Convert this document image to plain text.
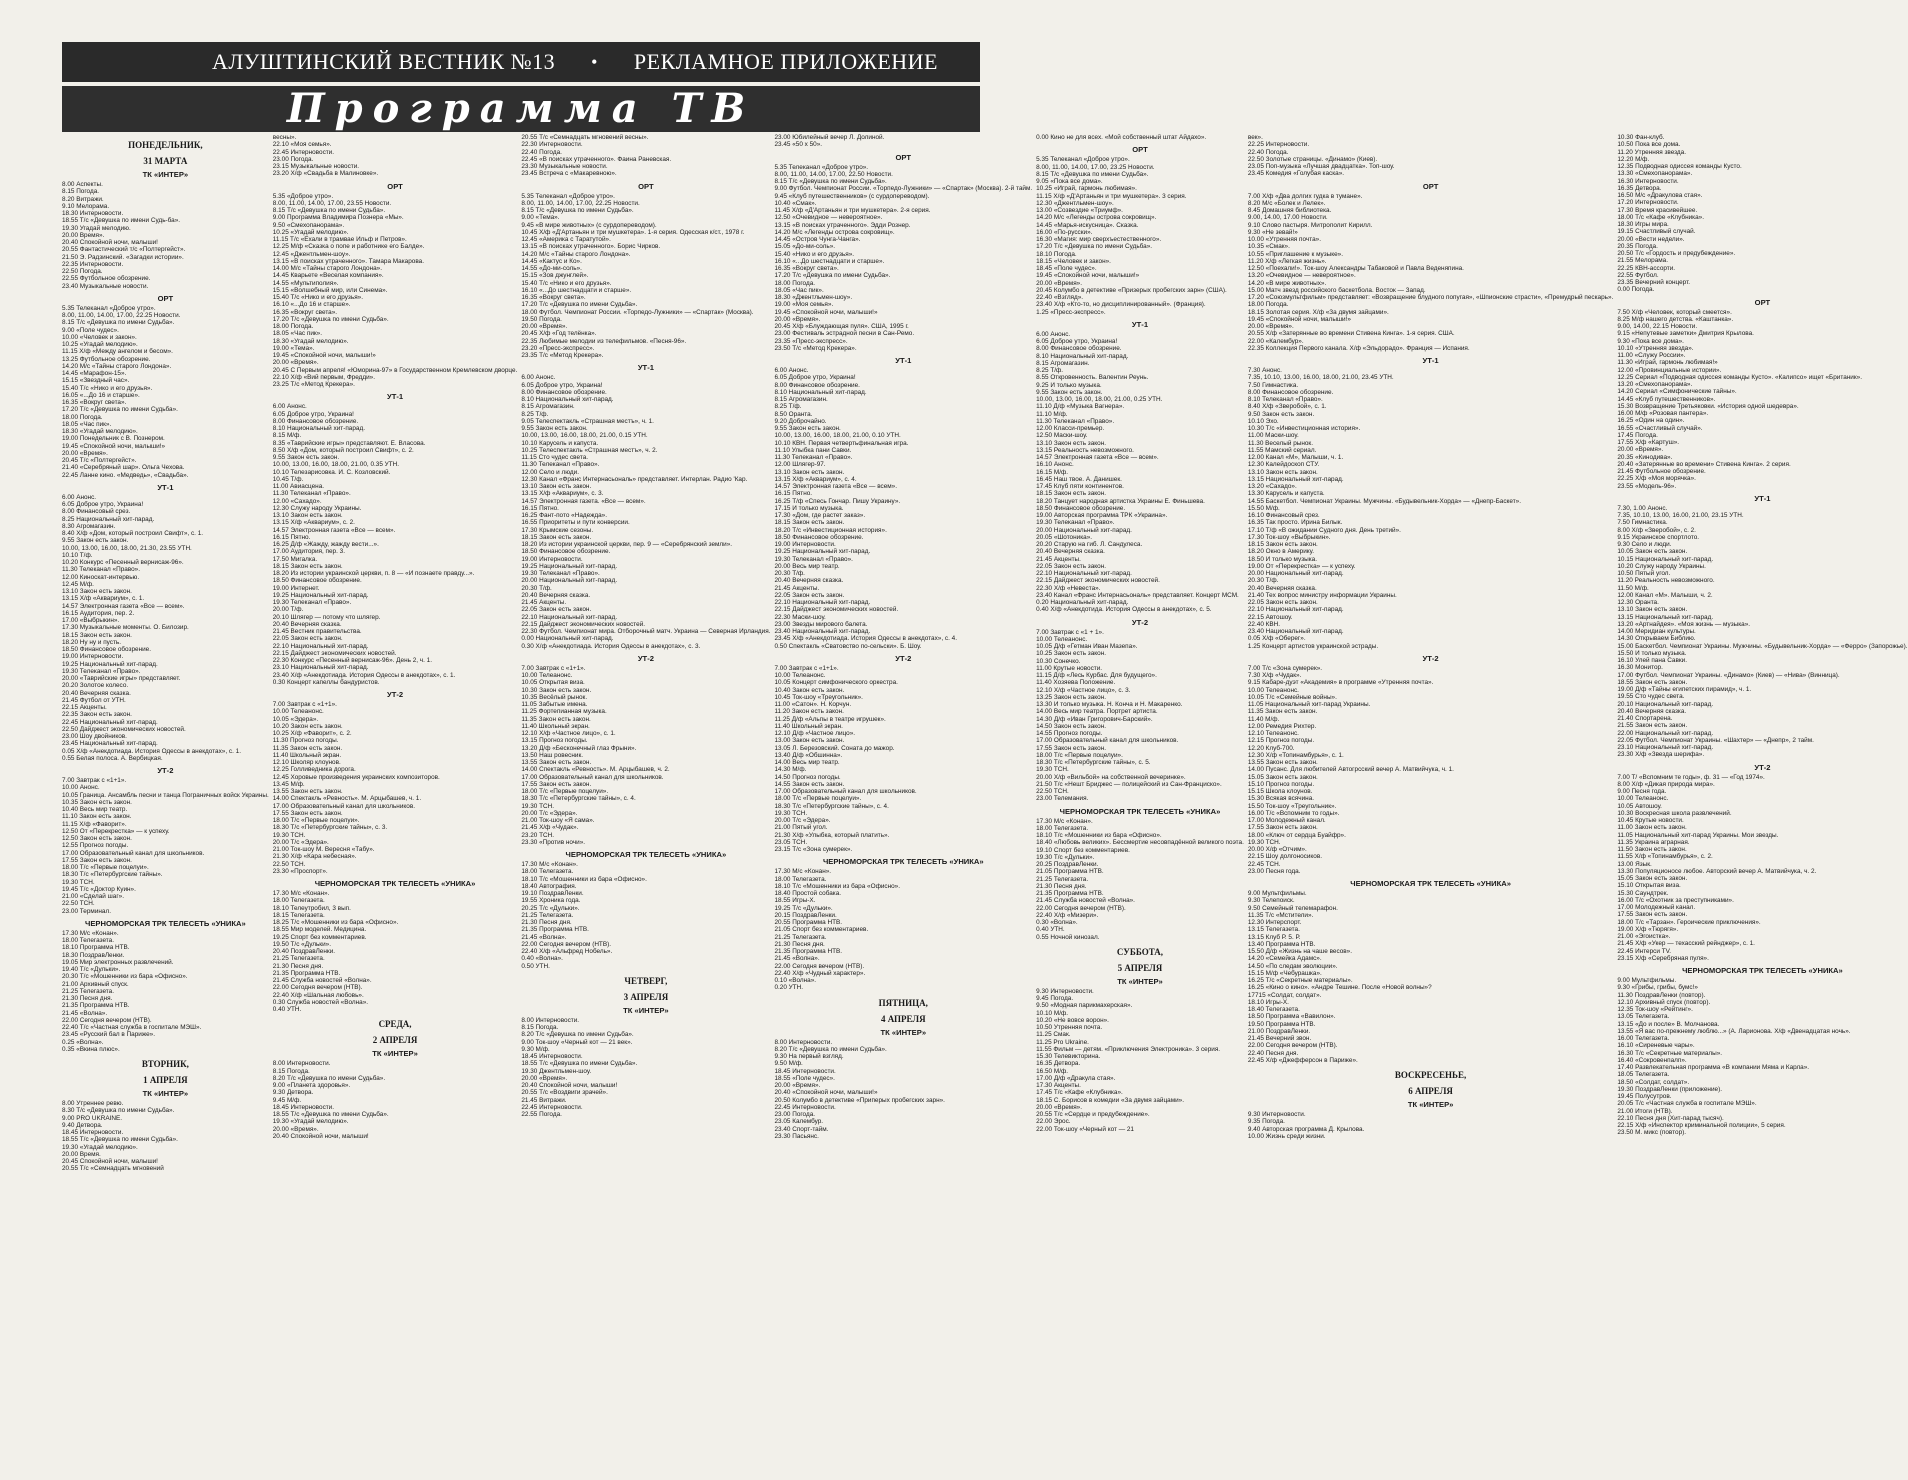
АЛУШТИНСКИЙ ВЕСТНИК №13 • РЕКЛАМНОЕ ПРИЛОЖЕНИЕ
Программа ТВ
ПОНЕДЕЛЬНИК,
31 МАРТА
ТК «ИНТЕР»
8.00 Аспекты.
8.15 Погода.
8.20 Витражи.
9.10 Мелорама.
18.30 Интерновости.
18.55 Т/с «Девушка по имени Судь-ба».
19.30 Угадай мелодию.
20.00 Время».
20.40 Спокойной ночи, малыши!
20.55 Фантастический т/с «Полтергейст».
21.50 Э. Радзинский. «Загадки истории».
22.35 Интерновости.
22.50 Погода.
22.55 Футбольное обозрение.
23.40 Музыкальные новости.
ОРТ
5.35 Телеканал «Доброе утро».
8.00, 11.00, 14.00, 17.00, 22.25 Новости.
8.15 Т/с «Девушка по имени Судьба».
9.00 «Поле чудес».
10.00 «Человек и закон».
10.25 «Угадай мелодию».
11.15 Х/ф «Между ангелом и бесом».
13.25 Футбольное обозрение.
14.20 М/с «Тайны старого Лондона».
14.45 «Марафон-15».
15.15 «Звездный час».
15.40 Т/с «Нико и его друзья».
16.05 «...До 16 и старше».
16.35 «Вокруг света».
17.20 Т/с «Девушка по имени Судьба».
18.00 Погода.
18.05 «Час пик».
18.30 «Угадай мелодию».
19.00 Понедельник с В. Познером.
19.45 «Спокойной ночи, малыши!»
20.00 «Время».
20.45 Т/с «Полтергейст».
21.40 «Серебряный шар». Ольга Чехова.
22.45 Ланне кино. «Медведь», «Свадьба».
УТ-1
6.00 Анонс.
6.05 Доброе утро, Украина!
8.00 Финансовый срез.
8.25 Национальный хит-парад.
8.30 Агромагазин.
8.40 Х/ф «Дом, который построил Свифт», с. 1.
9.55 Закон есть закон.
10.00, 13.00, 16.00, 18.00, 21.30, 23.55 УТН.
10.10 Т/ф.
10.20 Конкурс «Песенный вернисаж-96».
11.30 Телеканал «Право».
12.00 Киноскат-интервью.
12.45 М/ф.
13.10 Закон есть закон.
13.15 Х/ф «Аквариум», с. 1.
14.57 Электронная газета «Все — всем».
16.15 Аудитория, пер. 2.
17.00 «Выбрыкин».
17.30 Музыкальные моменты. О. Билозир.
18.15 Закон есть закон.
18.20 Ну ну и пусть.
18.50 Финансовое обозрение.
19.00 Интерновости.
19.25 Национальный хит-парад.
19.30 Телеканал «Право».
20.00 «Таврийские игры» представляет.
20.20 Золотое колесо.
20.40 Вечерняя сказка.
21.45 Футбол от УТН.
22.15 Акценты.
22.35 Закон есть закон.
22.45 Национальный хит-парад.
22.50 Дайджест экономических новостей.
23.00 Шоу двойников.
23.45 Национальный хит-парад.
0.05 Х/ф «Анекдотиада. История Одессы в анекдотах», с. 1.
0.55 Белая полоса. А. Вербицкая.
УТ-2
7.00 Завтрак с «1+1».
10.00 Анонс.
10.05 Граница. Ансамбль песни и танца Пограничных войск Украины.
10.35 Закон есть закон.
10.40 Весь мир театр.
11.10 Закон есть закон.
11.15 Х/ф «Фаворит».
12.50 От «Перекрестка» — к успеху.
12.50 Закон есть закон.
12.55 Прогноз погоды.
17.00 Образовательный канал для школьников.
17.55 Закон есть закон.
18.00 Т/с «Первые поцелуи».
18.30 Т/с «Петербургские тайны».
19.30 ТСН.
19.45 Т/с «Доктор Куин».
21.00 «Сделай шаг».
22.50 ТСН.
23.00 Терминал.
ЧЕРНОМОРСКАЯ ТРК ТЕЛЕСЕТЬ «УНИКА»
17.30 М/с «Конан».
18.00 Телегазета.
18.10 Программа НТВ.
18.30 ПоздравЛенки.
19.05 Мир электронных развлечений.
19.40 Т/с «Дульки».
20.30 Т/с «Мошенники из бара «Офисно».
21.00 Архивный спуск.
21.25 Телегазета.
21.30 Песня дня.
21.35 Программа НТВ.
21.45 «Волна».
22.00 Сегодня вечером (НТВ).
22.40 Т/с «Частная служба в госпитале МЭШ».
23.45 «Русский бал в Париже».
0.25 «Волна».
0.35 «Вкина плюс».
ВТОРНИК,
1 АПРЕЛЯ
ТК «ИНТЕР»
8.00 Утреннее ревю.
8.30 Т/с «Девушка по имени Судьба».
9.00 PRO UKRAINE.
9.40 Детвора.
18.45 Интерновости.
18.55 Т/с «Девушка по имени Судьба».
19.30 «Угадай мелодию».
20.00 Время.
20.45 Спокойной ночи, малыши!
20.55 Т/с «Семнадцать мгновений
весны».
22.10 «Моя семья».
22.45 Интерновости.
23.00 Погода.
23.15 Музыкальные новости.
23.20 Х/ф «Свадьба в Малиновке».
ОРТ
5.35 «Доброе утро».
8.00, 11.00, 14.00, 17.00, 23.55 Новости.
8.15 Т/с «Девушка по имени Судьба».
9.00 Программа Владимира Познера «Мы».
9.50 «Смехопанорама».
10.25 «Угадай мелодию».
11.15 Т/с «Ехали в трамвае Ильф и Петров».
12.25 М/ф «Сказка о попе и работнике его Балде».
12.45 «Джентльмен-шоу».
13.15 «В поисках утраченного». Тамара Макарова.
14.00 М/с «Тайны старого Лондона».
14.45 Кварьете «Веселая компания».
14.55 «Мультиполия».
15.15 «Волшебный мир, или Синема».
15.40 Т/с «Нико и его друзья».
16.10 «...До 16 и старше».
16.35 «Вокруг света».
17.20 Т/с «Девушка по имени Судьба».
18.00 Погода.
18.05 «Час пик».
18.30 «Угадай мелодию».
19.00 «Тема».
19.45 «Спокойной ночи, малыши!»
20.00 «Время».
20.45 С Первым апреля! «Юморина-97» в Государственном Кремлевском дворце.
22.10 Х/ф «Вий первым, Фредди».
23.25 Т/с «Метод Крекера».
УТ-1
6.00 Анонс.
6.05 Доброе утро, Украина!
8.00 Финансовое обозрение.
8.10 Национальный хит-парад.
8.15 М/ф.
8.35 «Таврийские игры» представляют. Е. Власова.
8.50 Х/ф «Дом, который построил Свифт», с. 2.
9.55 Закон есть закон.
10.00, 13.00, 16.00, 18.00, 21.00, 0.35 УТН.
10.10 Телезарисовка. И. С. Козловский.
10.45 Т/ф.
11.00 Авиасцена.
11.30 Телеканал «Право».
12.00 «Сахадо».
12.30 Служу народу Украины.
13.10 Закон есть закон.
13.15 Х/ф «Аквариум», с. 2.
14.57 Электронная газета «Все — всем».
16.15 Пятно.
16.25 Д/ф «Жажду, жажду вести...».
17.00 Аудитория, пер. 3.
17.50 Мигалка.
18.15 Закон есть закон.
18.20 Из истории украинской церкви, п. 8 — «И познаете правду...».
18.50 Финансовое обозрение.
19.00 Интернет.
19.25 Национальный хит-парад.
19.30 Телеканал «Право».
20.00 Т/ф.
20.10 Шлягер — потому что шлягер.
20.40 Вечерняя сказка.
21.45 Вестник правительства.
22.05 Закон есть закон.
22.10 Национальный хит-парад.
22.15 Дайджест экономических новостей.
22.30 Конкурс «Песенный вернисаж-96». День 2, ч. 1.
23.10 Национальный хит-парад.
23.40 Х/ф «Анекдотиада. История Одессы в анекдотах», с. 1.
0.30 Концерт капеллы бандуристов.
УТ-2
7.00 Завтрак с «1+1».
10.00 Телеанонс.
10.05 «Эдера».
10.20 Закон есть закон.
10.25 Х/ф «Фаворит», с. 2.
11.30 Прогноз погоды.
11.35 Закон есть закон.
11.40 Школьный экран.
12.10 Школяр клоунов.
12.25 Голливедника дорога.
12.45 Хоровые произведения украинских композиторов.
13.45 М/ф.
13.55 Закон есть закон.
14.00 Спектакль «Ревность». М. Арцыбашев, ч. 1.
17.00 Образовательный канал для школьников.
17.55 Закон есть закон.
18.00 Т/с «Первые поцелуи».
18.30 Т/с «Петербургские тайны», с. 3.
19.30 ТСН.
20.00 Т/с «Эдера».
21.00 Ток-шоу М. Вересня «Табу».
21.30 Х/ф «Кара небесная».
22.50 ТСН.
23.30 «Проспорт».
ЧЕРНОМОРСКАЯ ТРК ТЕЛЕСЕТЬ «УНИКА»
17.30 М/с «Конан».
18.00 Телегазета.
18.10 Телеутробил, 3 вып.
18.15 Телегазета.
18.25 Т/с «Мошенники из бара «Офисно».
18.55 Мир моделей. Медицина.
19.25 Спорт без комментариев.
19.50 Т/с «Дульки».
20.40 ПоздравЛенки.
21.25 Телегазета.
21.30 Песня дня.
21.35 Программа НТВ.
21.45 Служба новостей «Волна».
22.00 Сегодня вечером (НТВ).
22.40 Х/ф «Шальная любовь».
0.30 Служба новостей «Волна».
0.40 УТН.
СРЕДА,
2 АПРЕЛЯ
ТК «ИНТЕР»
8.00 Интерновости.
8.15 Погода.
8.20 Т/с «Девушка по имени Судьба».
9.00 «Планета здоровья».
9.30 Детвора.
9.45 М/ф.
18.45 Интерновости.
18.55 Т/с «Девушка по имени Судьба».
19.30 «Угадай мелодию».
20.00 «Время».
20.40 Спокойной ночи, малыши!
20.55 Т/с «Семнадцать мгновений весны».
22.30 Интерновости.
22.40 Погода.
22.45 «В поисках утраченного». Фаина Раневская.
23.30 Музыкальные новости.
23.45 Встреча с «Макаревною».
ОРТ
5.35 Телеканал «Доброе утро».
8.00, 11.00, 14.00, 17.00, 22.25 Новости.
8.15 Т/с «Девушка по имени Судьба».
9.00 «Тема».
9.45 «В мире животных» (с сурдопереводом).
10.45 Х/ф «Д'Артаньян и три мушкетера». 1-я серия. Одесская к/ст., 1978 г.
12.45 «Америка с Таратутой».
13.15 «В поисках утраченного». Борис Чирков.
14.20 М/с «Тайны старого Лондона».
14.45 «Кактус и Ко».
14.55 «До-ми-соль».
15.15 «Зов джунглей».
15.40 Т/с «Нико и его друзья».
16.10 «...До шестнадцати и старше».
16.35 «Вокруг света».
17.20 Т/с «Девушка по имени Судьба».
18.00 Футбол. Чемпионат России. «Торпедо-Лужники» — «Спартак» (Москва).
19.50 Погода.
20.00 «Время».
20.45 Х/ф «Год телёнка».
22.35 Любимые мелодии из телефильмов. «Песня-96».
23.20 «Пресс-экспресс».
23.35 Т/с «Метод Крекера».
УТ-1
6.00 Анонс.
6.05 Доброе утро, Украина!
8.00 Финансовое обозрение.
8.10 Национальный хит-парад.
8.15 Агромагазин.
8.25 Т/ф.
9.05 Телеспектакль «Страшная местъ», ч. 1.
9.55 Закон есть закон.
10.00, 13.00, 16.00, 18.00, 21.00, 0.15 УТН.
10.10 Карусель и капуста.
10.25 Телеспектакль «Страшная местъ», ч. 2.
11.15 Сто чудес света.
11.30 Телеканал «Право».
12.00 Село и люди.
12.30 Канал «Франс Интернасьональ» представляет. Интерлан. Радио 'Кар.
13.10 Закон есть закон.
13.15 Х/ф «Аквариум», с. 3.
14.57 Электронная газета. «Все — всем».
16.15 Пятно.
16.25 Фант-пото «Надежда».
16.55 Приоритеты и пути конверсии.
17.30 Крымские сезоны.
18.15 Закон есть закон.
18.20 Из истории украинской церкви, пер. 9 — «Серебрянский земли».
18.50 Финансовое обозрение.
19.00 Интерновости.
19.25 Национальный хит-парад.
19.30 Телеканал «Право».
20.00 Национальный хит-парад.
20.30 Т/ф.
20.40 Вечерняя сказка.
21.45 Акценты.
22.05 Закон есть закон.
22.10 Национальный хит-парад.
22.15 Дайджест экономических новостей.
22.30 Футбол. Чемпионат мира. Отборочный матч. Украина — Северная Ирландия.
0.00 Национальный хит-парад.
0.30 Х/ф «Анекдотиада. История Одессы в анекдотах», с. 3.
УТ-2
7.00 Завтрак с «1+1».
10.00 Телеанонс.
10.05 Открытая виза.
10.30 Закон есть закон.
10.35 Весёлый рынок.
11.05 Забытые имена.
11.25 Фортепианная музыка.
11.35 Закон есть закон.
11.40 Школьный экран.
12.10 Х/ф «Частное лицо», с. 1.
13.15 Прогноз погоды.
13.20 Д/ф «Бесконечный глаз Фрыни».
13.50 Наш ровесник.
13.55 Закон есть закон.
14.00 Спектакль «Ревность». М. Арцыбашев, ч. 2.
17.00 Образовательный канал для школьников.
17.55 Закон есть закон.
18.00 Т/с «Первые поцелуи».
18.30 Т/с «Петербургские тайны», с. 4.
19.30 ТСН.
20.00 Т/с «Эдера».
21.00 Ток-шоу «Я сама».
21.45 Х/ф «Чудак».
23.20 ТСН.
23.30 «Против ночи».
ЧЕРНОМОРСКАЯ ТРК ТЕЛЕСЕТЬ «УНИКА»
17.30 М/с «Конан».
18.00 Телегазета.
18.10 Т/с «Мошенники из бара «Офисно».
18.40 Автография.
19.10 ПоздравЛенки.
19.55 Хроника года.
20.25 Т/с «Дульки».
21.25 Телегазета.
21.30 Песня дня.
21.35 Программа НТВ.
21.45 «Волна».
22.00 Сегодня вечером (НТВ).
22.40 Х/ф «Альфред Нобель».
0.40 «Волна».
0.50 УТН.
ЧЕТВЕРГ,
3 АПРЕЛЯ
ТК «ИНТЕР»
8.00 Интерновости.
8.15 Погода.
8.20 Т/с «Девушка по имени Судьба».
9.00 Ток-шоу «Черный кот — 21 век».
9.30 М/ф.
18.45 Интерновости.
18.55 Т/с «Девушка по имени Судьба».
19.30 Джентльмен-шоу.
20.00 «Время».
20.40 Спокойной ночи, малыши!
20.55 Т/с «Воздвиги зрачей».
21.45 Витражи.
22.45 Интерновости.
22.55 Погода.
23.00 Юбилейный вечер Л. Долиной.
23.45 «50 х 50».
ОРТ
5.35 Телеканал «Доброе утро».
8.00, 11.00, 14.00, 17.00, 22.50 Новости.
8.15 Т/с «Девушка по имени Судьба».
9.00 Футбол. Чемпионат России. «Торпедо-Лужники» — «Спартак» (Москва). 2-й тайм.
9.45 «Клуб путешественников» (с сурдопереводом).
10.40 «Смак».
11.45 Х/ф «Д'Артаньян и три мушкетера». 2-я серия.
12.50 «Очевидное — невероятное».
13.15 «В поисках утраченного». Эдди Рознер.
14.20 М/с «Легенды острова сокровищ».
14.45 «Остров Чунга-Чанга».
15.05 «До-ми-соль».
15.40 «Нико и его друзья».
16.10 «...До шестнадцати и старше».
16.35 «Вокруг света».
17.20 Т/с «Девушка по имени Судьба».
18.00 Погода.
18.05 «Час пик».
18.30 «Джентльмен-шоу».
19.00 «Моя семья».
19.45 «Спокойной ночи, малыши!»
20.00 «Время».
20.45 Х/ф «Блуждающая пуля». США, 1995 г.
23.00 Фестиваль эстрадной песни в Сан-Ремо.
23.35 «Пресс-экспресс».
23.50 Т/с «Метод Крекера».
УТ-1
6.00 Анонс.
6.05 Доброе утро, Украина!
8.00 Финансовое обозрение.
8.10 Национальный хит-парад.
8.15 Агромагазин.
8.25 Т/ф.
8.50 Оранта.
9.20 Доброчайно.
9.55 Закон есть закон.
10.00, 13.00, 16.00, 18.00, 21.00, 0.10 УТН.
10.10 КВН. Первая четвертьфинальная игра.
11.10 Улыбка пани Савки.
11.30 Телеканал «Право».
12.00 Шлягер-97.
13.10 Закон есть закон.
13.15 Х/ф «Аквариум», с. 4.
14.57 Электронная газета «Все — всем».
16.15 Пятно.
16.25 Т/ф «Спесь Гончар. Пишу Украину».
17.15 И только музыка.
17.30 «Дом, где растет заказ».
18.15 Закон есть закон.
18.20 Т/с «Инвестиционная история».
18.50 Финансовое обозрение.
19.00 Интерновости.
19.25 Национальный хит-парад.
19.30 Телеканал «Право».
20.00 Весь мир театр.
20.30 Т/ф.
20.40 Вечерняя сказка.
21.45 Акценты.
22.05 Закон есть закон.
22.10 Национальный хит-парад.
22.15 Дайджест экономических новостей.
22.30 Маски-шоу.
23.00 Звезды мирового балета.
23.40 Национальный хит-парад.
23.45 Х/ф «Анекдотиада. История Одессы в анекдотах», с. 4.
0.50 Спектакль «Сватовство по-сельски». Б. Шоу.
УТ-2
7.00 Завтрак с «1+1».
10.00 Телеанонс.
10.05 Концерт симфонического оркестра.
10.40 Закон есть закон.
10.45 Ток-шоу «Треугольник».
11.00 «Сатон». Н. Корчун.
11.20 Закон есть закон.
11.25 Д/ф «Альпы в театре игрушек».
11.40 Школьный экран.
12.10 Д/ф «Частное лицо».
13.00 Закон есть закон.
13.05 Л. Березовский. Соната до мажор.
13.40 Д/ф «Обшинна».
14.00 Весь мир театр.
14.30 М/ф.
14.50 Прогноз погоды.
14.55 Закон есть закон.
17.00 Образовательный канал для школьников.
18.00 Т/с «Первые поцелуи».
18.30 Т/с «Петербургские тайны», с. 4.
19.30 ТСН.
20.00 Т/с «Эдера».
21.00 Пятый угол.
21.30 Х/ф «Улыбка, который платить».
23.05 ТСН.
23.15 Т/с «Зона сумерек».
ЧЕРНОМОРСКАЯ ТРК ТЕЛЕСЕТЬ «УНИКА»
17.30 М/с «Конан».
18.00 Телегазета.
18.10 Т/с «Мошенники из бара «Офисно».
18.40 Простой собака.
18.55 Игры-X.
19.25 Т/с «Дульки».
20.15 ПоздравЛенки.
20.55 Программа НТВ.
21.05 Спорт без комментариев.
21.25 Телегазета.
21.30 Песня дня.
21.35 Программа НТВ.
21.45 «Волна».
22.00 Сегодня вечером (НТВ).
22.40 Х/ф «Чудный характер».
0.10 «Волна».
0.20 УТН.
ПЯТНИЦА,
4 АПРЕЛЯ
ТК «ИНТЕР»
8.00 Интерновости.
8.20 Т/с «Девушка по имени Судьба».
9.30 На первый взгляд.
9.50 М/ф.
18.45 Интерновости.
18.55 «Поле чудес».
20.00 «Время».
20.40 «Спокойной ночи, малыши!»
20.50 Колумбо в детективе «Приперых пробегских зарн».
22.45 Интерновости.
23.00 Погода.
23.05 Калембур.
23.40 Спорт-тайм.
23.30 Пасьянс.
0.00 Кино не для всех. «Мой собственный штат Айдахо».
ОРТ
5.35 Телеканал «Доброе утро».
8.00, 11.00, 14.00, 17.00, 23.25 Новости.
8.15 Т/с «Девушка по имени Судьба».
9.05 «Пока все дома».
10.25 «Играй, гармонь любимая».
11.15 Х/ф «Д'Артаньян и три мушкетера». 3 серия.
12.30 «Джентльмен-шоу».
13.00 «Созвездие «Триумф».
14.20 М/с «Легенды острова сокровищ».
14.45 «Марья-искусница». Сказка.
16.00 «По-русски».
16.30 «Магия: мир сверхъестественного».
17.20 Т/с «Девушка по имени Судьба».
18.10 Погода.
18.15 «Человек и закон».
18.45 «Поле чудес».
19.45 «Спокойной ночи, малыши!»
20.00 «Время».
20.45 Колумбо в детективе «Призерых пробегских зарн» (США).
22.40 «Взгляд».
23.40 Х/ф «Кто-то, но дисциплинированный». (Франция).
1.25 «Пресс-экспресс».
УТ-1
6.00 Анонс.
6.05 Доброе утро, Украина!
8.00 Финансовое обозрение.
8.10 Национальный хит-парад.
8.15 Агромагазин.
8.25 Т/ф.
8.55 Откровенность. Валентин Реунь.
9.25 И только музыка.
9.55 Закон есть закон.
10.00, 13.00, 16.00, 18.00, 21.00, 0.25 УТН.
11.10 Д/ф «Музыка Вагнера».
11.10 М/ф.
11.30 Телеканал «Право».
12.00 Класси-премьер.
12.50 Маски-шоу.
13.10 Закон есть закон.
13.15 Реальность невозможного.
14.57 Электронная газета «Все — всем».
16.10 Анонс.
16.15 М/ф.
16.45 Наш твое. А. Данишек.
17.45 Клуб пяти континентов.
18.15 Закон есть закон.
18.20 Танцует народная артистка Украины Е. Финьшева.
18.50 Финансовое обозрение.
19.00 Авторская программа ТРК «Украина».
19.30 Телеканал «Право».
20.00 Национальный хит-парад.
20.05 «Шотоника».
20.20 Старую на гиб. Л. Сандулеса.
20.40 Вечерняя сказка.
21.45 Акценты.
22.05 Закон есть закон.
22.10 Национальный хит-парад.
22.15 Дайджест экономических новостей.
22.30 Х/ф «Невеста».
23.40 Канал «Франс Интернасьональ» представляет. Концерт МСМ.
0.20 Национальный хит-парад.
0.40 Х/ф «Анекдотида. История Одессы в анекдотах», с. 5.
УТ-2
7.00 Завтрак с «1 + 1».
10.00 Телеанонс.
10.05 Д/ф «Гетман Иван Мазепа».
10.25 Закон есть закон.
10.30 Сонечко.
11.00 Крутые новости.
11.15 Д/ф «Лесь Курбас. Для будущего».
11.40 Хозяева Положение.
12.10 Х/ф «Частное лицо», с. 3.
13.25 Закон есть закон.
13.30 И только музыка. Н. Конча и Н. Макаренко.
14.00 Весь мир театра. Портрет артиста.
14.30 Д/ф «Иван Григорович-Барский».
14.50 Закон есть закон.
14.55 Прогноз погоды.
17.00 Образовательный канал для школьников.
17.55 Закон есть закон.
18.00 Т/с «Первые поцелуи».
18.30 Т/с «Петербургские тайны», с. 5.
19.30 ТСН.
20.00 Х/ф «Вильбой» на собственной вечеринке».
21.50 Т/с «Нешт Бриджес — полицейский из Сан-Франциско».
22.50 ТСН.
23.00 Телемания.
ЧЕРНОМОРСКАЯ ТРК ТЕЛЕСЕТЬ «УНИКА»
17.30 М/с «Конан».
18.00 Телегазета.
18.10 Т/с «Мошенники из бара «Офисно».
18.40 «Любовь великих». Бессмертие несовпадённой великого поэта.
19.10 Спорт без комментариев.
19.30 Т/с «Дульки».
20.25 ПоздравЛенки.
21.05 Программа НТВ.
21.25 Телегазета.
21.30 Песня дня.
21.35 Программа НТВ.
21.45 Служба новостей «Волна».
22.00 Сегодня вечером (НТВ).
22.40 Х/ф «Мизери».
0.30 «Волна».
0.40 УТН.
0.55 Ночной кинозал.
СУББОТА,
5 АПРЕЛЯ
ТК «ИНТЕР»
9.30 Интерновости.
9.45 Погода.
9.50 «Модная парикмахерская».
10.10 М/ф.
10.20 «Не вовсе ворон».
10.50 Утренняя почта.
11.25 Смак.
11.25 Pro Ukraine.
11.55 Фильм — детям. «Приключения Электроника». 3 серия.
15.30 Телевикторина.
16.35 Детвора.
16.50 М/ф.
17.00 Д/ф «Дракула стая».
17.30 Акценты.
17.45 Т/с «Кафе «Клубника».
18.15 С. Борисов в комедии «За двумя зайцами».
20.00 «Время».
20.55 Т/с «Сердце и предубеждение».
22.00 Эрос.
22.00 Ток-шоу «Черный кот — 21
век».
22.25 Интерновости.
22.40 Погода.
22.50 Золотые страницы. «Динамо» (Киев).
23.05 Поп-музыка «Лучшая двадцатка». Топ-шоу.
23.45 Комедия «Голубая каска».
ОРТ
7.00 Х/ф «Два долгих гудка в тумане».
8.20 М/с «Болек и Лелек».
8.45 Домашняя библиотека.
9.00, 14.00, 17.00 Новости.
9.10 Слово пастыря. Митрополит Кирилл.
9.30 «Не зевай!»
10.00 «Утренняя почта».
10.35 «Смак».
10.55 «Приглашение к музыке».
11.20 Х/ф «Легкая жизнь».
12.50 «Поехали!». Ток-шоу Александры Табаковой и Павла Веденяпина.
13.20 «Очевидное — невероятное».
14.20 «В мире животных».
15.00 Матч звезд российского баскетбола. Восток — Запад.
17.20 «Союзмультфильм» представляет: «Возвращение блудного попугая», «Шпионские страсти», «Премудрый пескарь».
18.00 Погода.
18.15 Золотая серия. Х/ф «За двумя зайцами».
19.45 «Спокойной ночи, малыши!»
20.00 «Время».
20.55 Х/ф «Затерянные во времени Стивена Кинга». 1-я серия. США.
22.00 «Калембур».
22.35 Коллекция Первого канала. Х/ф «Эльдорадо». Франция — Испания.
УТ-1
7.30 Анонс.
7.35, 10.10, 13.00, 16.00, 18.00, 21.00, 23.45 УТН.
7.50 Гимнастика.
8.00 Финансовое обозрение.
8.10 Телеканал «Право».
8.40 Х/ф «Зверобой», с. 1.
9.50 Закон есть закон.
10.10 Эхо.
10.30 Т/с «Инвестиционная история».
11.00 Маски-шоу.
11.30 Веселый рынок.
11.55 Мамский сериал.
12.00 Канал «М», Малыши, ч. 1.
12.30 Калейдоскоп СТУ.
13.10 Закон есть закон.
13.15 Национальный хит-парад.
13.20 «Сахадо».
13.30 Карусель и капуста.
14.55 Баскетбол. Чемпионат Украины. Мужчины. «Будывельник-Хорда» — «Днепр-Баскет».
15.50 М/ф.
16.10 Финансовый срез.
16.35 Так просто. Ирина Билык.
17.10 Т/ф «В ожидании Судного дня. День третий».
17.30 Ток-шоу «Выбрыкин».
18.15 Закон есть закон.
18.20 Окно в Америку.
18.50 И только музыка.
19.00 От «Перекрестка» — к успеху.
20.00 Национальный хит-парад.
20.30 Т/ф.
20.40 Вечерняя сказка.
21.40 Тех вопрос министру информации Украины.
22.05 Закон есть закон.
22.10 Национальный хит-парад.
22.15 Автошоу.
22.40 КВН.
23.40 Национальный хит-парад.
0.05 Х/ф «Оберег».
1.25 Концерт артистов украинской эстрады.
УТ-2
7.00 Т/с «Зона сумерек».
7.30 Х/ф «Чудак».
9.15 Кабаре-дуэт «Академия» в программе «Утренняя почта».
10.00 Телеанонс.
10.05 Т/с «Семейные войны».
11.05 Национальный хит-парад Украины.
11.35 Закон есть закон.
11.40 М/ф.
12.00 Ремедия Рихтер.
12.10 Телеанонс.
12.15 Прогноз погоды.
12.20 Клуб-700.
12.30 Х/ф «Топинамбурья», с. 1.
13.55 Закон есть закон.
14.00 Пусанс. Для любителей Автогрсский вечер А. Матвийчука, ч. 1.
15.05 Закон есть закон.
15.10 Прогноз погоды.
15.15 Школа клоунов.
15.30 Всякая всячина.
15.50 Ток-шоу «Треугольник».
16.00 Т/с «Вспомним то годы».
17.00 Молодежный канал.
17.55 Закон есть закон.
18.00 «Ключ от сердца Буайфр».
19.30 ТСН.
20.00 Х/ф «Отчим».
22.15 Шоу долгоносиков.
22.45 ТСН.
23.00 Песня года.
ЧЕРНОМОРСКАЯ ТРК ТЕЛЕСЕТЬ «УНИКА»
9.00 Мультфильмы.
9.30 Телепоиск.
9.50 Семейный телемарафон.
11.35 Т/с «Мстители».
12.30 Интерспорт.
13.15 Телегазета.
13.15 Клуб Р. 5. Р.
13.40 Программа НТВ.
15.50 Д/ф «Жизнь на чаше весов».
14.20 «Семейка Адамс».
14.50 «По следам эволюции».
15.15 М/ф «Чебурашка».
16.25 Т/с «Секретные материалы».
16.25 «Кино о кино». «Андре Тешине. После «Новой волны»?
17715 «Солдат, солдат».
18.10 Игры-X.
18.40 Телегазета.
18.50 Программа «Вавилон».
19.50 Программа НТВ.
21.00 ПоздравЛенки.
21.45 Вечерний звон.
22.00 Сегодня вечером (НТВ).
22.40 Песня дня.
22.45 Х/ф «Джефферсон в Париже».
ВОСКРЕСЕНЬЕ,
6 АПРЕЛЯ
ТК «ИНТЕР»
9.30 Интерновости.
9.35 Погода.
9.40 Авторская программа Д. Крылова.
10.00 Жизнь среди жизни.
10.30 Фан-клуб.
10.50 Пока все дома.
11.20 Утренняя звезда.
12.20 М/ф.
12.35 Подводная одиссея команды Кусто.
13.30 «Смехопанорама».
16.30 Интерновости.
16.35 Детвора.
16.50 М/с «Дракулова стая».
17.20 Интерновости.
17.30 Время красивейшее.
18.00 Т/с «Кафе «Клубника».
18.30 Игры мира.
19.15 Счастливый случай.
20.00 «Вести недели».
20.35 Погода.
20.50 Т/с «Гордость и предубеждение».
21.55 Мелорама.
22.25 КВН-ассорти.
22.55 Футбол.
23.35 Вечерний концерт.
0.00 Погода.
ОРТ
7.50 Х/ф «Человек, который смеется».
8.25 М/ф нашего детства. «Каштанка».
9.00, 14.00, 22.15 Новости.
9.15 «Непутевые заметки» Дмитрия Крылова.
9.30 «Пока все дома».
10.10 «Утренняя звезда».
11.00 «Служу России».
11.30 «Играй, гармонь любимая!»
12.00 «Провинциальные истории».
12.25 Сериал «Подводная одиссея команды Кусто». «Калипсо» ищет «Британик».
13.20 «Смехопанорама».
14.20 Сериал «Симфонические тайны».
14.45 «Клуб путешественников».
15.30 Возвращение Третьяковки. «История одной шедевра».
16.00 М/ф «Розовая пантера».
16.25 «Один на один».
16.55 «Счастливый случай».
17.45 Погода.
17.55 Х/ф «Картуш».
20.00 «Время».
20.35 «Кинодива».
20.40 «Затерянные во времени» Стивена Кинга». 2 серия.
21.45 Футбольное обозрение.
22.25 Х/ф «Моя морячка».
23.55 «Модель-96».
УТ-1
7.30, 1.00 Анонс.
7.35, 10.10, 13.00, 16.00, 21.00, 23.15 УТН.
7.50 Гимнастика.
8.00 Х/ф «Зверобой», с. 2.
9.15 Украинское спортлото.
9.30 Село и люди.
10.05 Закон есть закон.
10.15 Национальный хит-парад.
10.20 Служу народу Украины.
10.50 Пятый угол.
11.20 Реальность невозможного.
11.50 М/ф.
12.00 Канал «М». Малыши, ч. 2.
12.30 Оранта.
13.10 Закон есть закон.
13.15 Национальный хит-парад.
13.20 «Артнайдея». «Моя жизнь — музыка».
14.00 Меридиан культуры.
14.30 Открываем Библию.
15.00 Баскетбол. Чемпионат Украины. Мужчины. «Будывельник-Хорда» — «Ферро» (Запорожье).
15.50 И только музыка.
16.10 Улей пана Савки.
16.30 Монитор.
17.00 Футбол. Чемпионат Украины. «Динамо» (Киев) — «Нива» (Винница).
18.55 Закон есть закон.
19.00 Д/ф «Тайны египетских пирамид», ч. 1.
19.55 Сто чудес света.
20.10 Национальный хит-парад.
20.40 Вечерняя сказка.
21.40 Спортарена.
21.55 Закон есть закон.
22.00 Национальный хит-парад.
22.05 Футбол. Чемпионат Украины. «Шахтер» — «Днепр», 2 тайм.
23.10 Национальный хит-парад.
23.30 Х/ф «Звезда шерифа».
УТ-2
7.00 Т/ «Вспомним те годы», ф. 31 — «Год 1974».
8.00 Х/ф «Дикая природа мира».
9.00 Песня года.
10.00 Телеанонс.
10.05 Автошоу.
10.30 Воскресная школа развлечений.
10.45 Крутые новости.
11.00 Закон есть закон.
11.05 Национальный хит-парад Украины. Мои звезды.
11.35 Украина аграрная.
11.50 Закон есть закон.
11.55 Х/ф «Топинамбурья», с. 2.
13.00 Язык.
13.30 Популяционосе любое. Авторский вечер А. Матвийчука, ч. 2.
15.05 Закон есть закон.
15.10 Открытая виза.
15.30 Саундтрек.
16.00 Т/с «Охотник за преступниками».
17.00 Молодежный канал.
17.55 Закон есть закон.
18.00 Т/с «Тарзан». Героические приключения».
19.00 Х/ф «Тюрягя».
21.00 «Эгоистка».
21.45 Х/ф «Укер — техасский рейнджер», с. 1.
22.45 Интерси ТV.
23.15 Х/ф «Серебряная пуля».
ЧЕРНОМОРСКАЯ ТРК ТЕЛЕСЕТЬ «УНИКА»
9.00 Мультфильмы.
9.30 «Грибы, грибы, бумс!»
11.30 ПоздравЛенки (повтор).
12.10 Архивный спуск (повтор).
12.35 Ток-шоу «Рейтинг».
13.05 Телегазета.
13.15 «До и после» В. Молчанова.
13.55 «Я вас по-прежнему люблю...» (А. Ларионова. Х/ф «Двенадцатая ночь».
16.00 Телегазета.
16.10 «Сиреневые чары».
16.30 Т/с «Секретные материалы».
16.40 «Сокровенпалп».
17.40 Развлекательная программа «В компании Мяма и Карла».
18.05 Телегазета.
18.50 «Солдат, солдат».
19.30 ПоздравЛенки (приложение).
19.45 Полусутров.
20.05 Т/с «Частная служба в госпитале МЭШ».
21.00 Итоги (НТВ).
22.10 Песня дня (Хит-парад тысяч).
22.15 Х/ф «Инспектор криминальной полиции», 5 серия.
23.50 М. микс (повтор).
